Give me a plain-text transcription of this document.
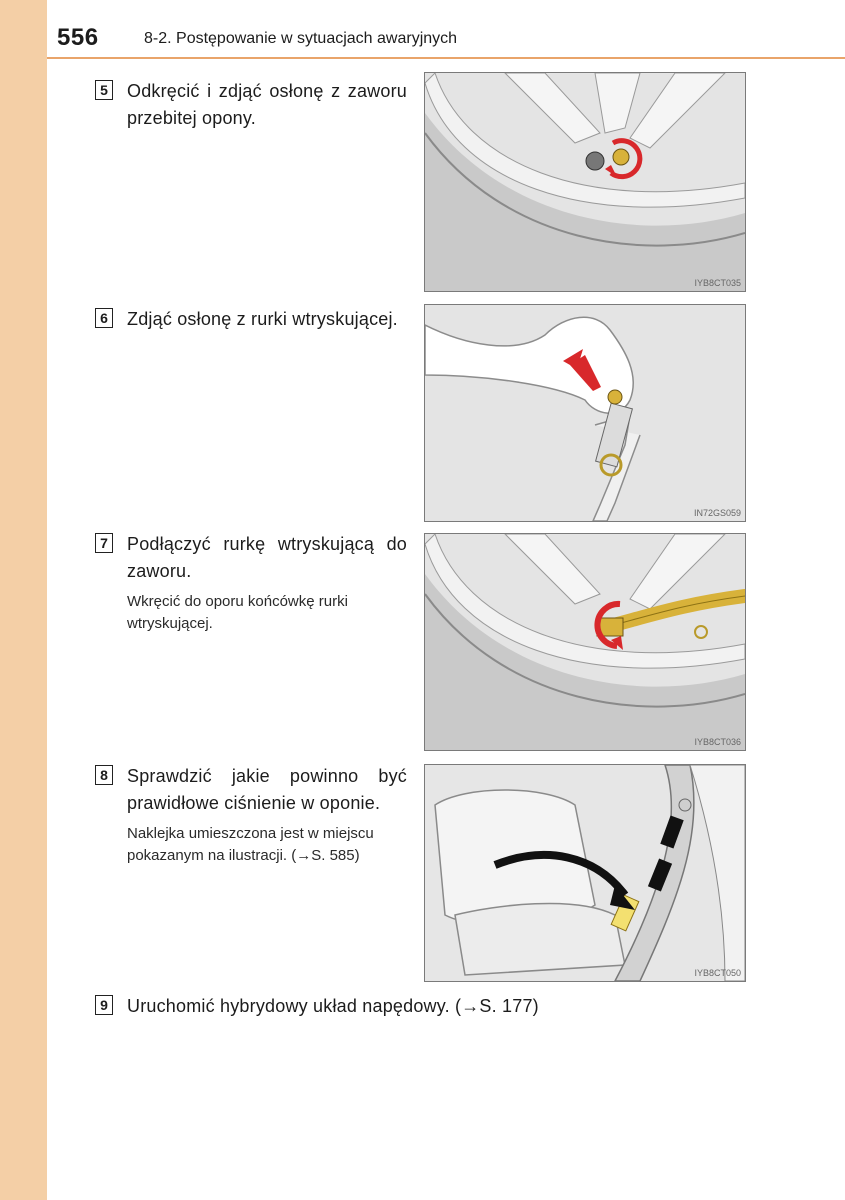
556	8-2. Postępowanie w sytuacjach awaryjnych
5 Odkręcić i zdjąć osłonę z zaworu przebitej opony.
IYB8CT035
6 Zdjąć osłonę z rurki wtryskującej.
IN72GS059
7 Podłączyć rurkę wtryskującą do zaworu.
Wkręcić do oporu końcówkę rurki wtryskującej.
IYB8CT036
8 Sprawdzić jakie powinno być prawidłowe ciśnienie w oponie.
Naklejka umieszczona jest w miejscu pokazanym na ilustracji. (→S. 585)
IYB8CT050
9 Uruchomić hybrydowy układ napędowy. (→S. 177)
